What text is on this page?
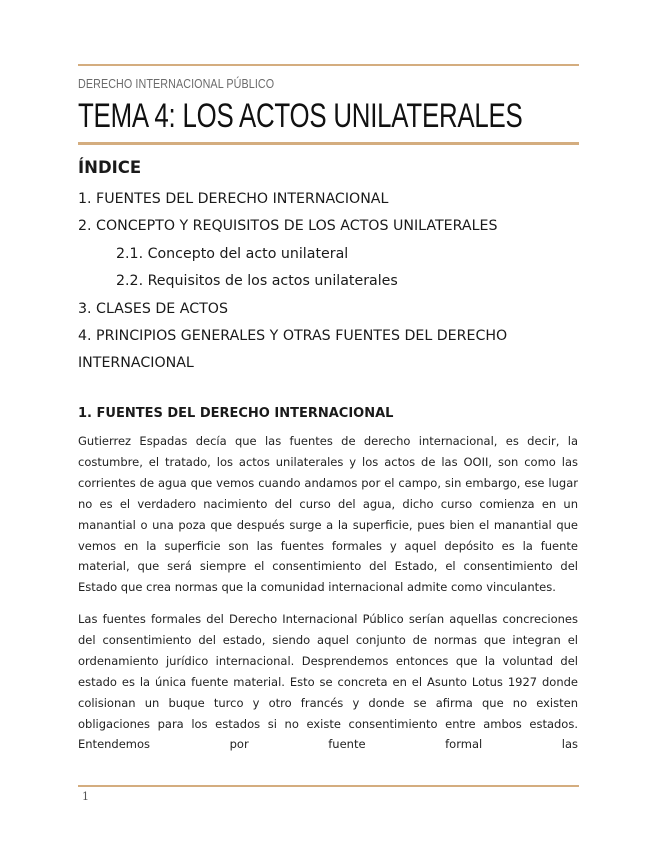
DERECHO INTERNACIONAL PÚBLICO
TEMA 4: LOS ACTOS UNILATERALES
ÍNDICE
1. FUENTES DEL DERECHO INTERNACIONAL
2. CONCEPTO Y REQUISITOS DE LOS ACTOS UNILATERALES
2.1. Concepto del acto unilateral
2.2. Requisitos de los actos unilaterales
3. CLASES DE ACTOS
4. PRINCIPIOS GENERALES Y OTRAS FUENTES DEL DERECHO
INTERNACIONAL
1. FUENTES DEL DERECHO INTERNACIONAL

Gutierrez Espadas decía que las fuentes de derecho internacional, es decir, la costumbre, el tratado, los actos unilaterales y los actos de las OOII, son como las corrientes de agua que vemos cuando andamos por el campo, sin embargo, ese lugar no es el verdadero nacimiento del curso del agua, dicho curso comienza en un manantial o una poza que después surge a la superficie, pues bien el manantial que vemos en la superficie son las fuentes formales y aquel depósito es la fuente material, que será siempre el consentimiento del Estado, el consentimiento del Estado que crea normas que la comunidad internacional admite como vinculantes.

Las fuentes formales del Derecho Internacional Público serían aquellas concreciones del consentimiento del estado, siendo aquel conjunto de normas que integran el ordenamiento jurídico internacional. Desprendemos entonces que la voluntad del estado es la única fuente material. Esto se concreta en el Asunto Lotus 1927 donde colisionan un buque turco y otro francés y donde se afirma que no existen obligaciones para los estados si no existe consentimiento entre ambos estados. Entendemos por fuente formal las

1
